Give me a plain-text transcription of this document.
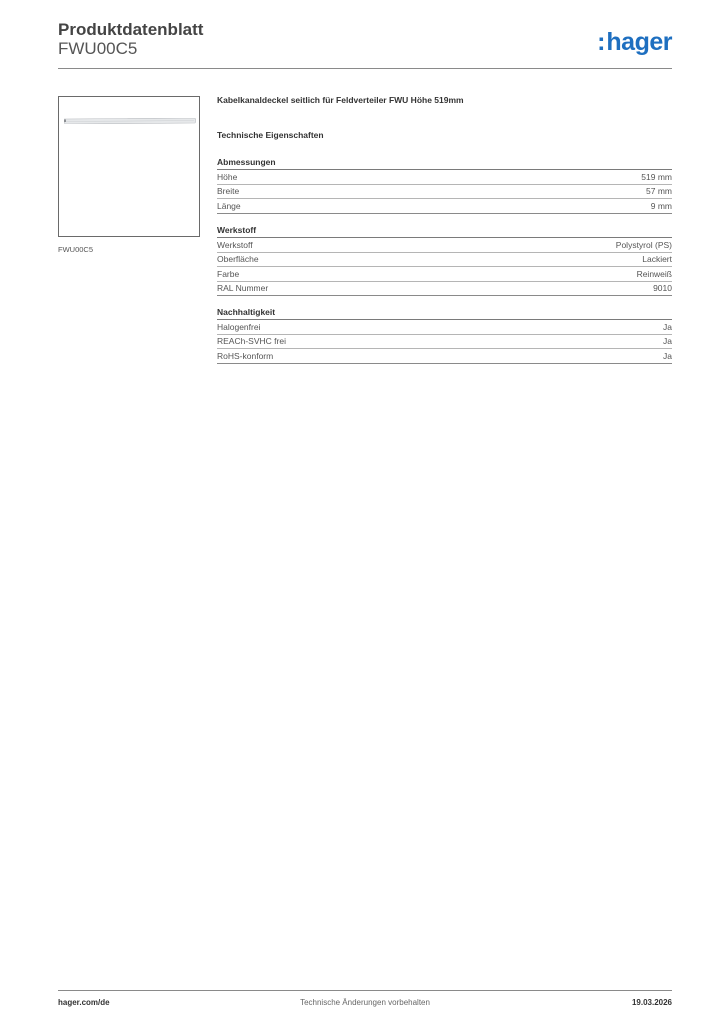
Produktdatenblatt
FWU00C5	:hager
FWU00C5
Kabelkanaldeckel seitlich für Feldverteiler FWU Höhe 519mm
Technische Eigenschaften
Abmessungen
Höhe	519 mm
Breite	57 mm
Länge	9 mm
Werkstoff
Werkstoff	Polystyrol (PS)
Oberfläche	Lackiert
Farbe	Reinweiß
RAL Nummer	9010
Nachhaltigkeit
Halogenfrei	Ja
REACh-SVHC frei	Ja
RoHS-konform	Ja
Technische Änderungen vorbehalten
hager.com/de	19.03.2026
